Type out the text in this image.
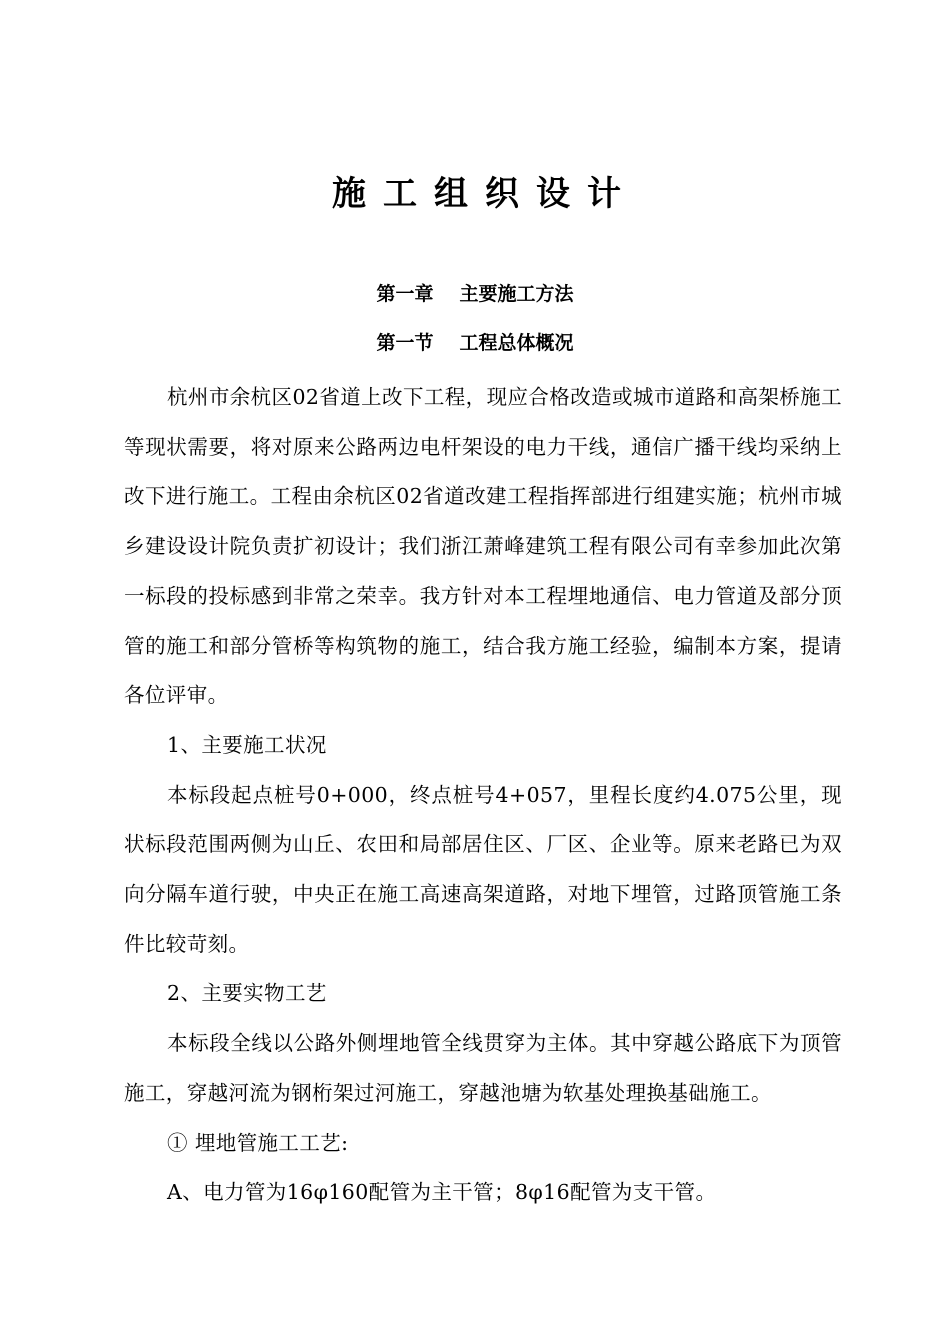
施工组织设计
第一章 主要施工方法
第一节 工程总体概况

杭州市余杭区02省道上改下工程，现应合格改造或城市道路和高架桥施工等现状需要，将对原来公路两边电杆架设的电力干线，通信广播干线均采纳上改下进行施工。工程由余杭区02省道改建工程指挥部进行组建实施；杭州市城乡建设设计院负责扩初设计；我们浙江萧峰建筑工程有限公司有幸参加此次第一标段的投标感到非常之荣幸。我方针对本工程埋地通信、电力管道及部分顶管的施工和部分管桥等构筑物的施工，结合我方施工经验，编制本方案，提请各位评审。

1、主要施工状况

本标段起点桩号0+000，终点桩号4+057，里程长度约4.075公里，现状标段范围两侧为山丘、农田和局部居住区、厂区、企业等。原来老路已为双向分隔车道行驶，中央正在施工高速高架道路，对地下埋管，过路顶管施工条件比较苛刻。

2、主要实物工艺

本标段全线以公路外侧埋地管全线贯穿为主体。其中穿越公路底下为顶管施工，穿越河流为钢桁架过河施工，穿越池塘为软基处理换基础施工。

① 埋地管施工工艺:

A、电力管为16φ160配管为主干管；8φ16配管为支干管。
